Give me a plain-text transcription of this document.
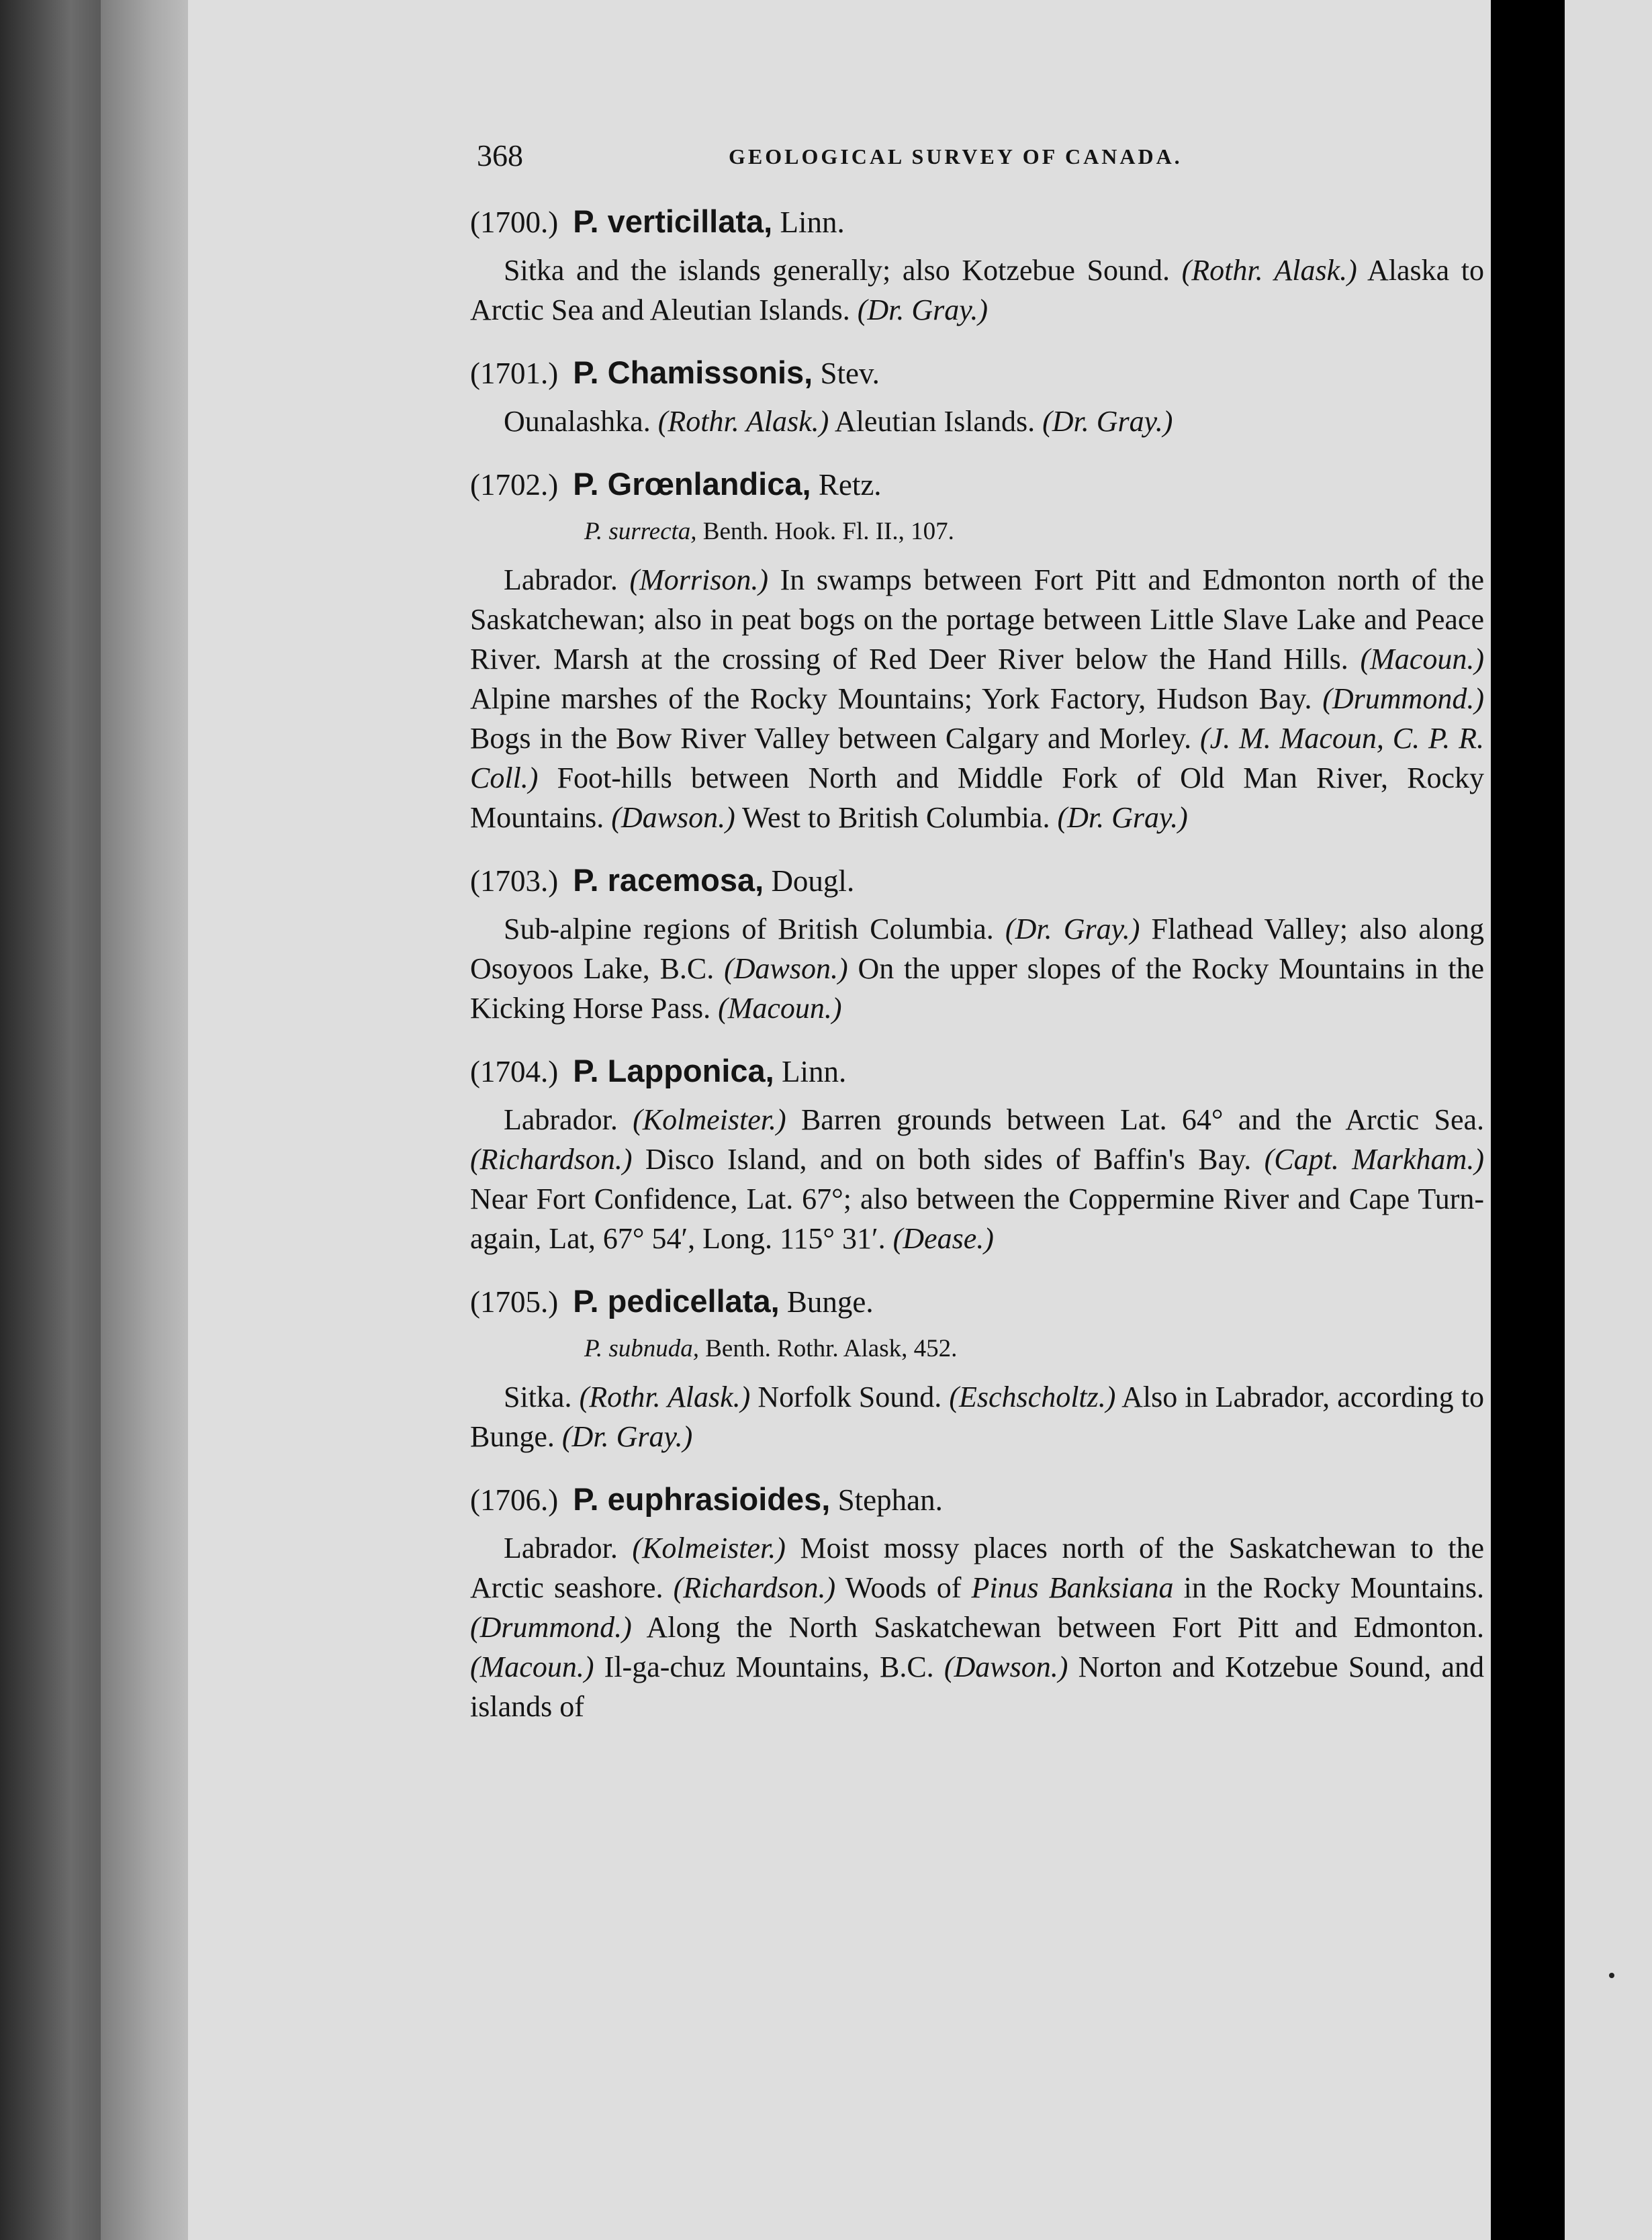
368	GEOLOGICAL SURVEY OF CANADA.
(1700.) P. verticillata, Linn.

Sitka and the islands generally; also Kotzebue Sound. (Rothr. Alask.) Alaska to Arctic Sea and Aleutian Islands. (Dr. Gray.)

(1701.) P. Chamissonis, Stev.

Ounalashka. (Rothr. Alask.) Aleutian Islands. (Dr. Gray.)

(1702.) P. Grœnlandica, Retz.
P. surrecta, Benth. Hook. Fl. II., 107.

Labrador. (Morrison.) In swamps between Fort Pitt and Edmonton north of the Saskatchewan; also in peat bogs on the portage between Little Slave Lake and Peace River. Marsh at the crossing of Red Deer River below the Hand Hills. (Macoun.) Alpine marshes of the Rocky Mountains; York Factory, Hudson Bay. (Drummond.) Bogs in the Bow River Valley between Calgary and Morley. (J. M. Macoun, C. P. R. Coll.) Foot-hills between North and Middle Fork of Old Man River, Rocky Mountains. (Dawson.) West to British Columbia. (Dr. Gray.)

(1703.) P. racemosa, Dougl.

Sub-alpine regions of British Columbia. (Dr. Gray.) Flathead Valley; also along Osoyoos Lake, B.C. (Dawson.) On the upper slopes of the Rocky Mountains in the Kicking Horse Pass. (Macoun.)

(1704.) P. Lapponica, Linn.

Labrador. (Kolmeister.) Barren grounds between Lat. 64° and the Arctic Sea. (Richardson.) Disco Island, and on both sides of Baffin's Bay. (Capt. Markham.) Near Fort Confidence, Lat. 67°; also between the Coppermine River and Cape Turn-again, Lat, 67° 54′, Long. 115° 31′. (Dease.)

(1705.) P. pedicellata, Bunge.
P. subnuda, Benth. Rothr. Alask, 452.

Sitka. (Rothr. Alask.) Norfolk Sound. (Eschscholtz.) Also in Labrador, according to Bunge. (Dr. Gray.)

(1706.) P. euphrasioides, Stephan.

Labrador. (Kolmeister.) Moist mossy places north of the Saskatchewan to the Arctic seashore. (Richardson.) Woods of Pinus Banksiana in the Rocky Mountains. (Drummond.) Along the North Saskatchewan between Fort Pitt and Edmonton. (Macoun.) Il-ga-chuz Mountains, B.C. (Dawson.) Norton and Kotzebue Sound, and islands of
